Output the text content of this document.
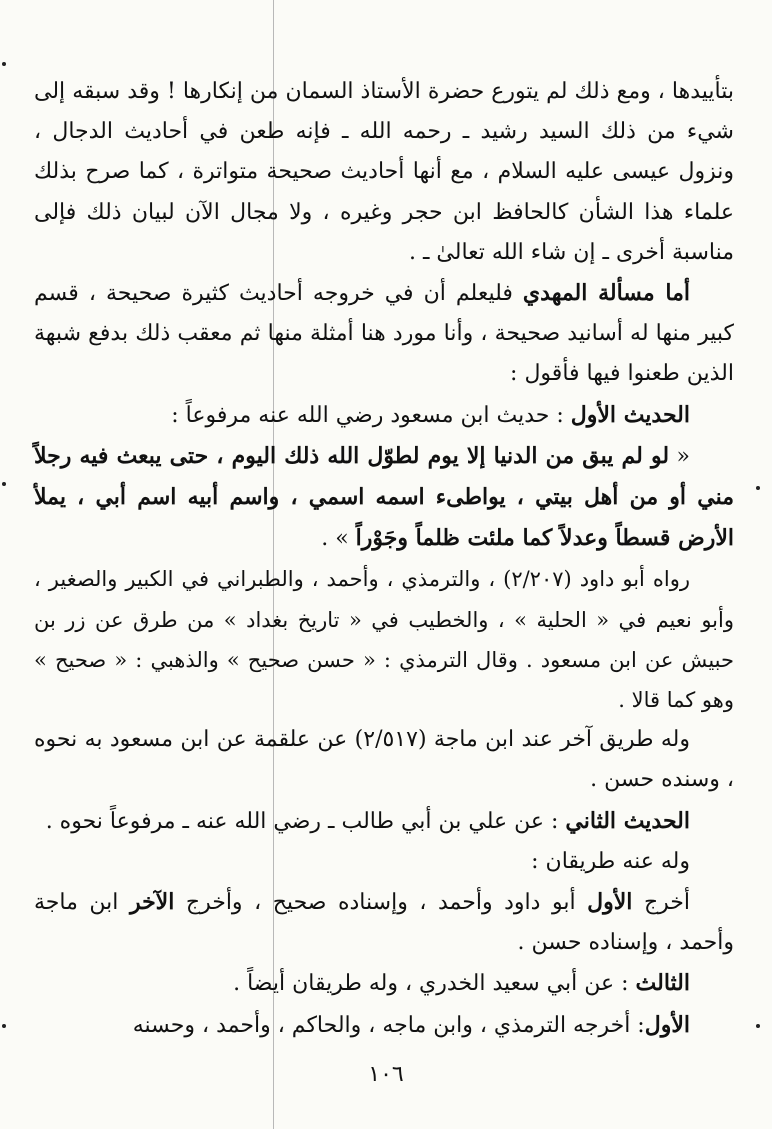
بتأييدها ، ومع ذلك لم يتورع حضرة الأستاذ السمان من إنكارها ! وقد سبقه إلى شيء من ذلك السيد رشيد ـ رحمه الله ـ فإنه طعن في أحاديث الدجال ، ونزول عيسى عليه السلام ، مع أنها أحاديث صحيحة متواترة ، كما صرح بذلك علماء هذا الشأن كالحافظ ابن حجر وغيره ، ولا مجال الآن لبيان ذلك فإلى مناسبة أخرى ـ إن شاء الله تعالىٰ ـ .

أما مسألة المهدي فليعلم أن في خروجه أحاديث كثيرة صحيحة ، قسم كبير منها له أسانيد صحيحة ، وأنا مورد هنا أمثلة منها ثم معقب ذلك بدفع شبهة الذين طعنوا فيها فأقول :

الحديث الأول : حديث ابن مسعود رضي الله عنه مرفوعاً :

« لو لم يبق من الدنيا إلا يوم لطوّل الله ذلك اليوم ، حتى يبعث فيه رجلاً مني أو من أهل بيتي ، يواطىء اسمه اسمي ، واسم أبيه اسم أبي ، يملأ الأرض قسطاً وعدلاً كما ملئت ظلماً وجَوْراً » .

رواه أبو داود (٢/٢٠٧) ، والترمذي ، وأحمد ، والطبراني في الكبير والصغير ، وأبو نعيم في « الحلية » ، والخطيب في « تاريخ بغداد » من طرق عن زر بن حبيش عن ابن مسعود . وقال الترمذي : « حسن صحيح » والذهبي : « صحيح » وهو كما قالا .

وله طريق آخر عند ابن ماجة (٢/٥١٧) عن علقمة عن ابن مسعود به نحوه ، وسنده حسن .

الحديث الثاني : عن علي بن أبي طالب ـ رضي الله عنه ـ مرفوعاً نحوه .

وله عنه طريقان :

أخرج الأول أبو داود وأحمد ، وإسناده صحيح ، وأخرج الآخر ابن ماجة وأحمد ، وإسناده حسن .

الثالث : عن أبي سعيد الخدري ، وله طريقان أيضاً .

الأول: أخرجه الترمذي ، وابن ماجه ، والحاكم ، وأحمد ، وحسنه

١٠٦
